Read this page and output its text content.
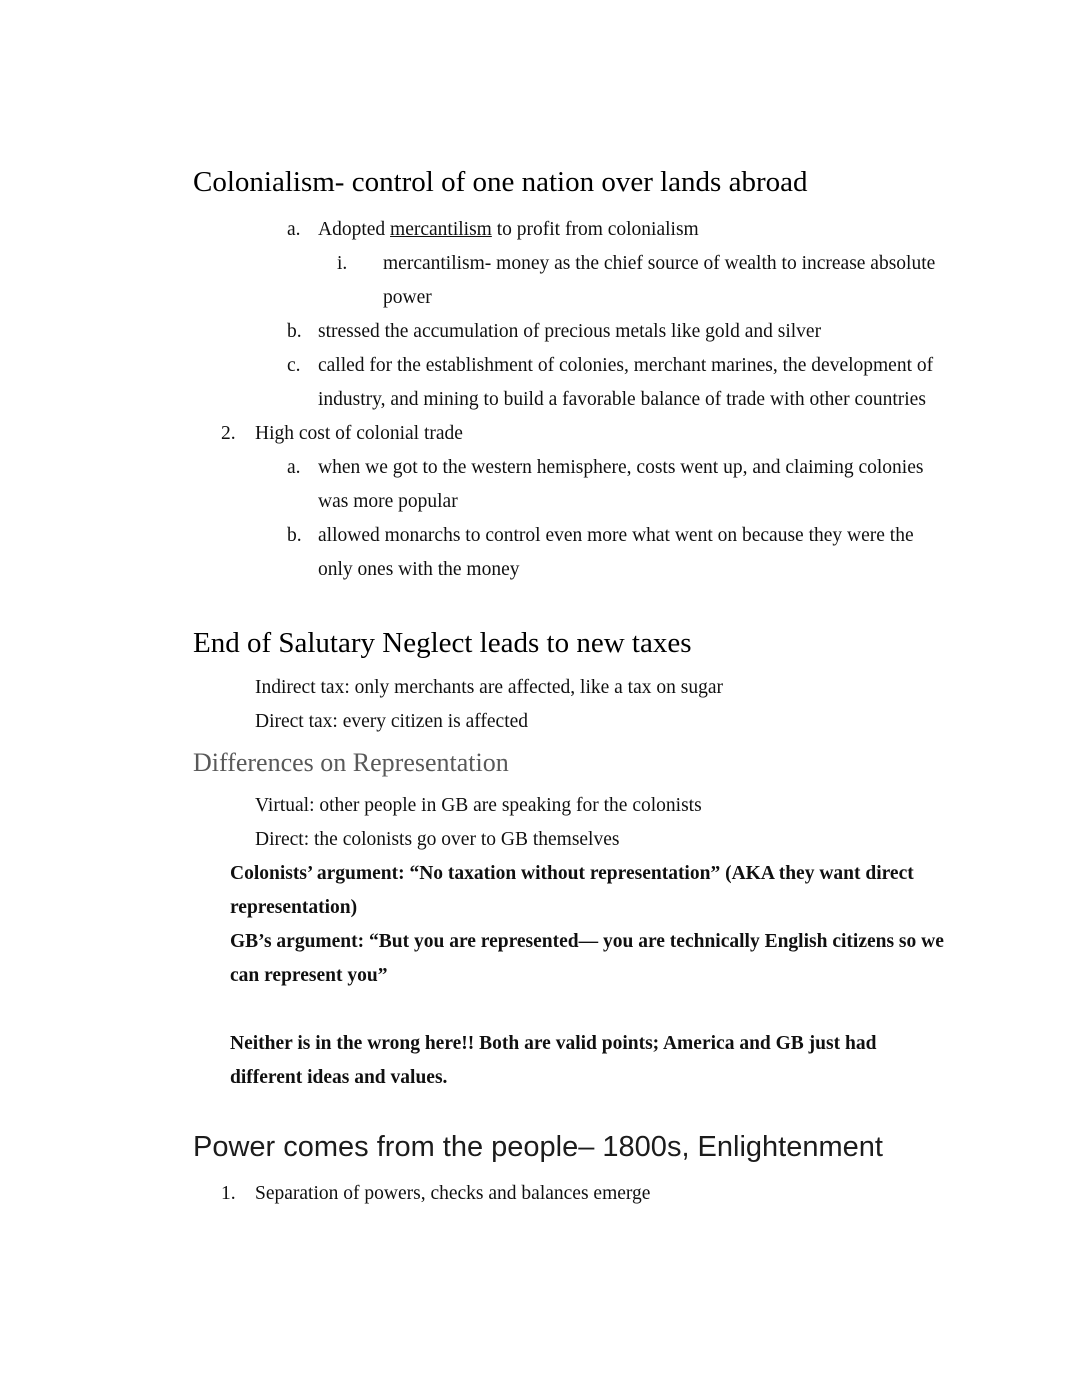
Colonialism- control of one nation over lands abroad
a. Adopted mercantilism to profit from colonialism
i.	mercantilism- money as the chief source of wealth to increase absolute power
b. stressed the accumulation of precious metals like gold and silver
c. called for the establishment of colonies, merchant marines, the development of industry, and mining to build a favorable balance of trade with other countries
2. High cost of colonial trade
a. when we got to the western hemisphere, costs went up, and claiming colonies was more popular
b. allowed monarchs to control even more what went on because they were the only ones with the money
End of Salutary Neglect leads to new taxes
Indirect tax: only merchants are affected, like a tax on sugar
Direct tax: every citizen is affected
Differences on Representation
Virtual: other people in GB are speaking for the colonists
Direct: the colonists go over to GB themselves
Colonists’ argument: “No taxation without representation” (AKA they want direct representation)
GB’s argument: “But you are represented— you are technically English citizens so we can represent you”
Neither is in the wrong here!! Both are valid points; America and GB just had different ideas and values.
Power comes from the people– 1800s, Enlightenment
1. Separation of powers, checks and balances emerge
